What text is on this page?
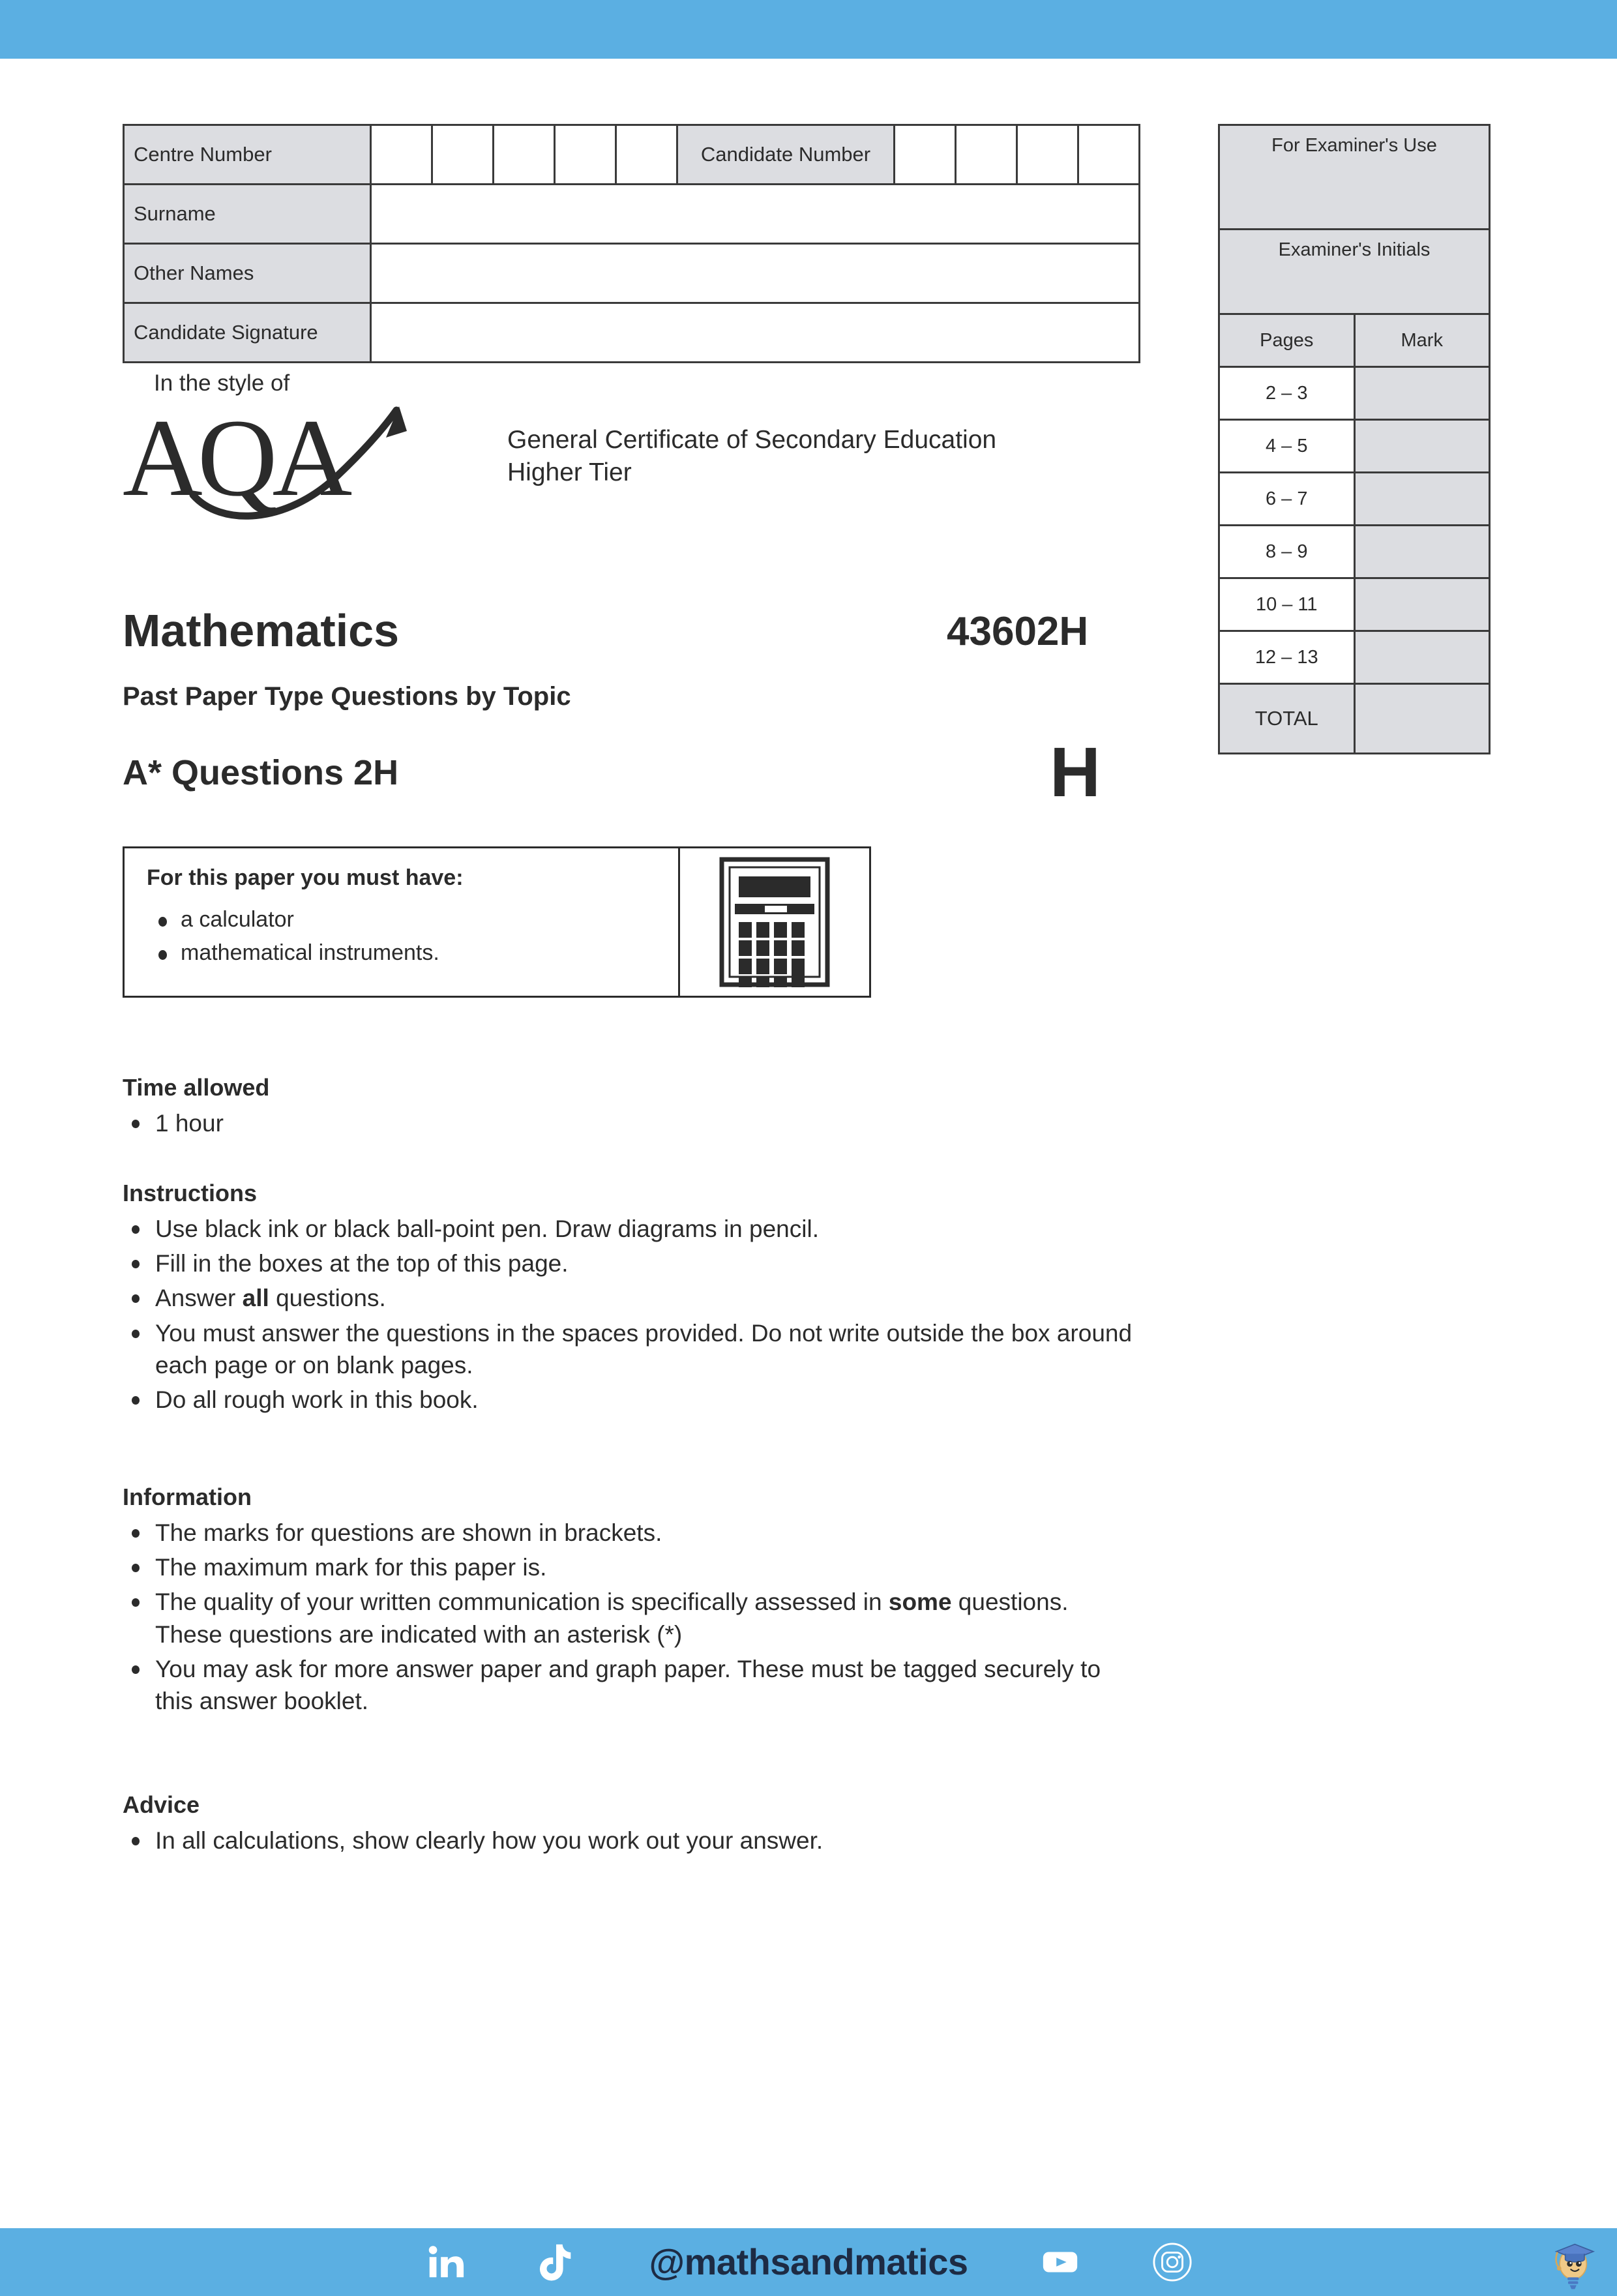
Centre Number						Candidate Number				
Surname										
Other Names										
Candidate Signature										
For Examiner's Use	
Examiner's Initials	
Pages	Mark
2 – 3	
4 – 5	
6 – 7	
8 – 9	
10 – 11	
12 – 13	
TOTAL	
In the style of
AQA	General Certificate of Secondary Education
Higher Tier
Mathematics	43602H
Past Paper Type Questions by Topic
A* Questions 2H	H
For this paper you must have:
a calculator
mathematical instruments.
Time allowed
1 hour
Instructions
Use black ink or black ball-point pen. Draw diagrams in pencil.
Fill in the boxes at the top of this page.
Answer all questions.
You must answer the questions in the spaces provided. Do not write outside the box around each page or on blank pages.
Do all rough work in this book.
Information
The marks for questions are shown in brackets.
The maximum mark for this paper is.
The quality of your written communication is specifically assessed in some questions. These questions are indicated with an asterisk (*)
You may ask for more answer paper and graph paper. These must be tagged securely to this answer booklet.
Advice
In all calculations, show clearly how you work out your answer.
@mathsandmatics
